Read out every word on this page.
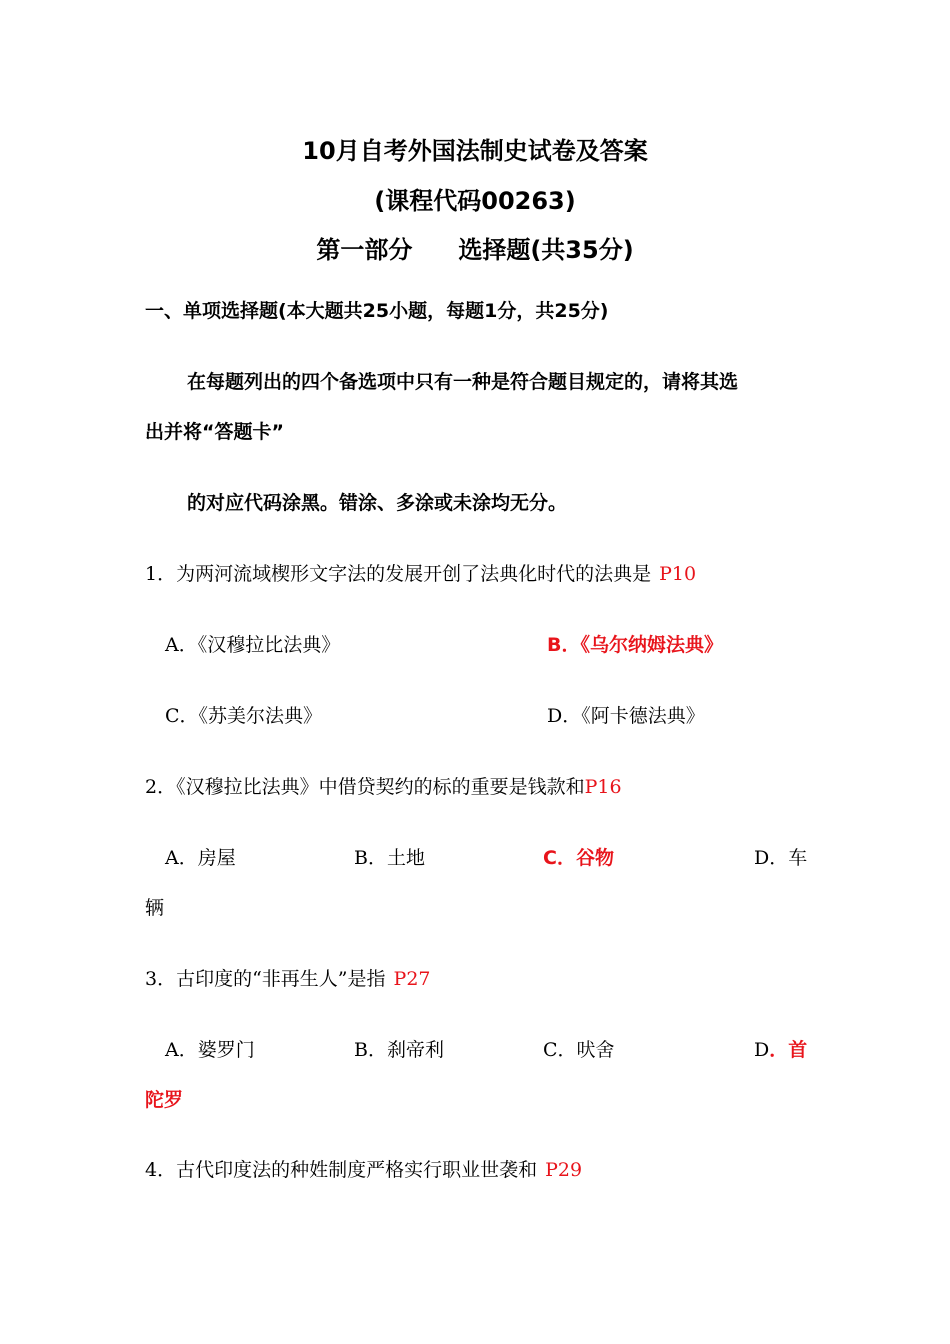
10月自考外国法制史试卷及答案
(课程代码00263)
第一部分 选择题(共35分)
一、单项选择题(本大题共25小题，每题1分，共25分)
在每题列出的四个备选项中只有一种是符合题目规定的，请将其选
出并将“答题卡”
的对应代码涂黑。错涂、多涂或未涂均无分。
1．为两河流域楔形文字法的发展开创了法典化时代的法典是 P10
A．《汉穆拉比法典》	B．《乌尔纳姆法典》
C．《苏美尔法典》	D．《阿卡德法典》
2．《汉穆拉比法典》中借贷契约的标的重要是钱款和P16
A．房屋	B．土地	C．谷物	D．车
辆
3．古印度的“非再生人”是指 P27
A．婆罗门	B．刹帝利	C．吠舍	D．首
陀罗
4．古代印度法的种姓制度严格实行职业世袭和 P29
